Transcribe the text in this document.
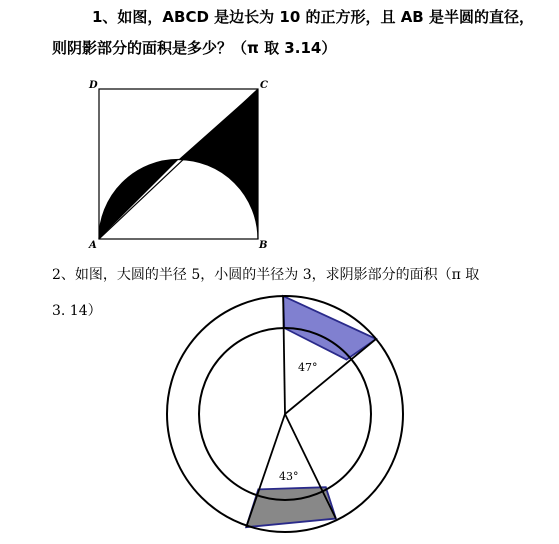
1、如图，ABCD 是边长为 10 的正方形，且 AB 是半圆的直径，
则阴影部分的面积是多少？（π 取 3.14）
D	C
A	B
47°
43°
2、如图，大圆的半径 5，小圆的半径为 3，求阴影部分的面积（π 取
3. 14）
